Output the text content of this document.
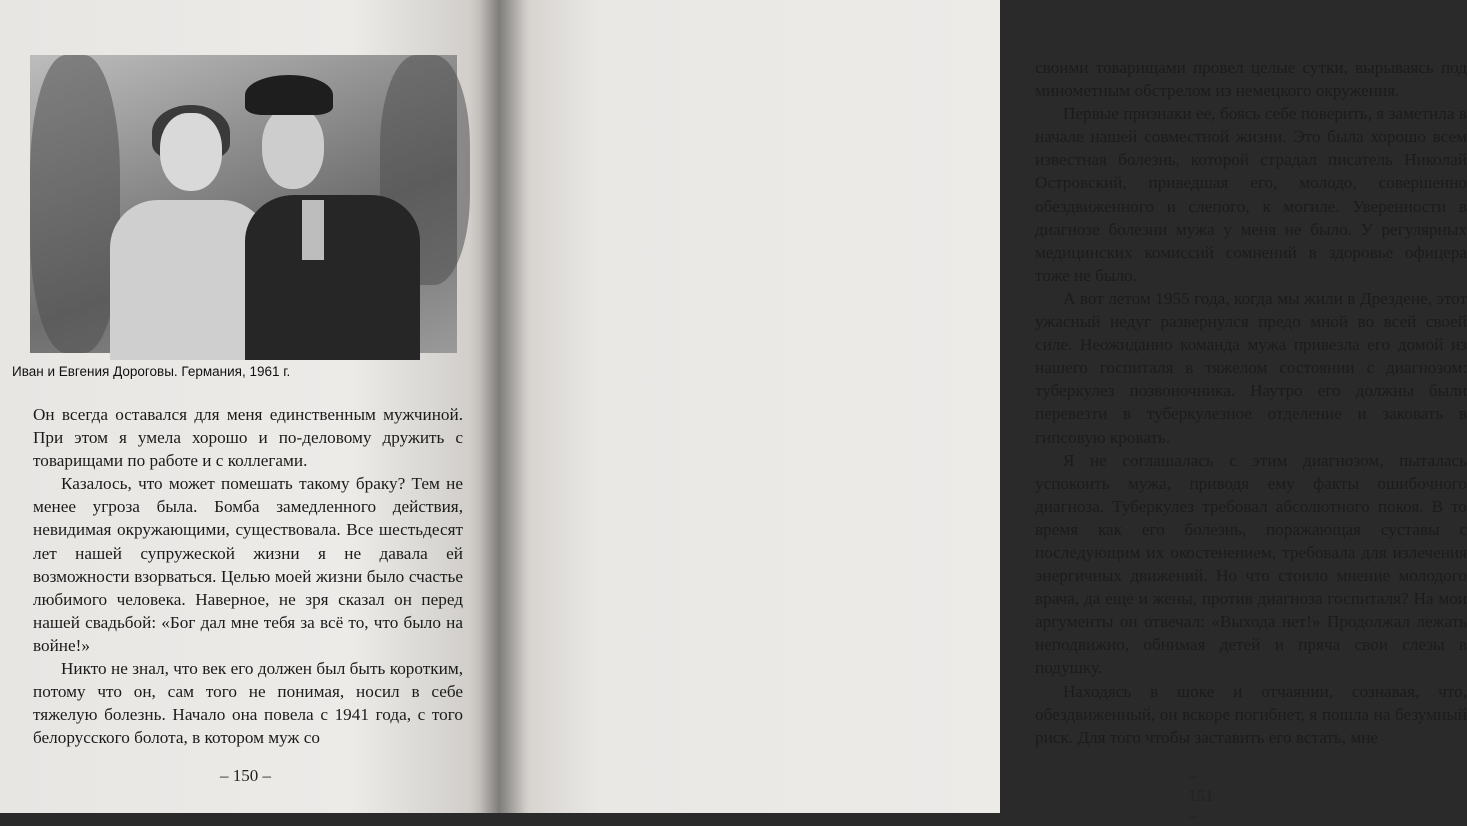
Иван и Евгения Дороговы. Германия, 1961 г.

Он всегда оставался для меня единственным мужчиной. При этом я умела хорошо и по-деловому дружить с товарищами по работе и с коллегами.

Казалось, что может помешать такому браку? Тем не менее угроза была. Бомба замедленного действия, невидимая окружающими, существовала. Все шестьдесят лет нашей супружеской жизни я не давала ей возможности взорваться. Целью моей жизни было счастье любимого человека. Наверное, не зря сказал он перед нашей свадьбой: «Бог дал мне тебя за всё то, что было на войне!»

Никто не знал, что век его должен был быть коротким, потому что он, сам того не понимая, носил в себе тяжелую болезнь. Начало она повела с 1941 года, с того белорусского болота, в котором муж со

– 150 –

своими товарищами провел целые сутки, вырываясь под минометным обстрелом из немецкого окружения.

Первые признаки ее, боясь себе поверить, я заметила в начале нашей совместной жизни. Это была хорошо всем известная болезнь, которой страдал писатель Николай Островский, приведшая его, молодо, совершенно обездвиженного и слепого, к могиле. Уверенности в диагнозе болезни мужа у меня не было. У регулярных медицинских комиссий сомнений в здоровье офицера тоже не было.

А вот летом 1955 года, когда мы жили в Дрездене, этот ужасный недуг развернулся предо мной во всей своей силе. Неожиданно команда мужа привезла его домой из нашего госпиталя в тяжелом состоянии с диагнозом: туберкулез позвоночника. Наутро его должны были перевезти в туберкулезное отделение и заковать в гипсовую кровать.

Я не соглашалась с этим диагнозом, пыталась успокоить мужа, приводя ему факты ошибочного диагноза. Туберкулез требовал абсолютного покоя. В то время как его болезнь, поражающая суставы с последующим их окостенением, требовала для излечения энергичных движений. Но что стоило мнение молодого врача, да еще и жены, против диагноза госпиталя? На мои аргументы он отвечал: «Выхода нет!» Продолжал лежать неподвижно, обнимая детей и пряча свои слезы в подушку.

Находясь в шоке и отчаянии, сознавая, что, обездвиженный, он вскоре погибнет, я пошла на безумный риск. Для того чтобы заставить его встать, мне

– 151 –
